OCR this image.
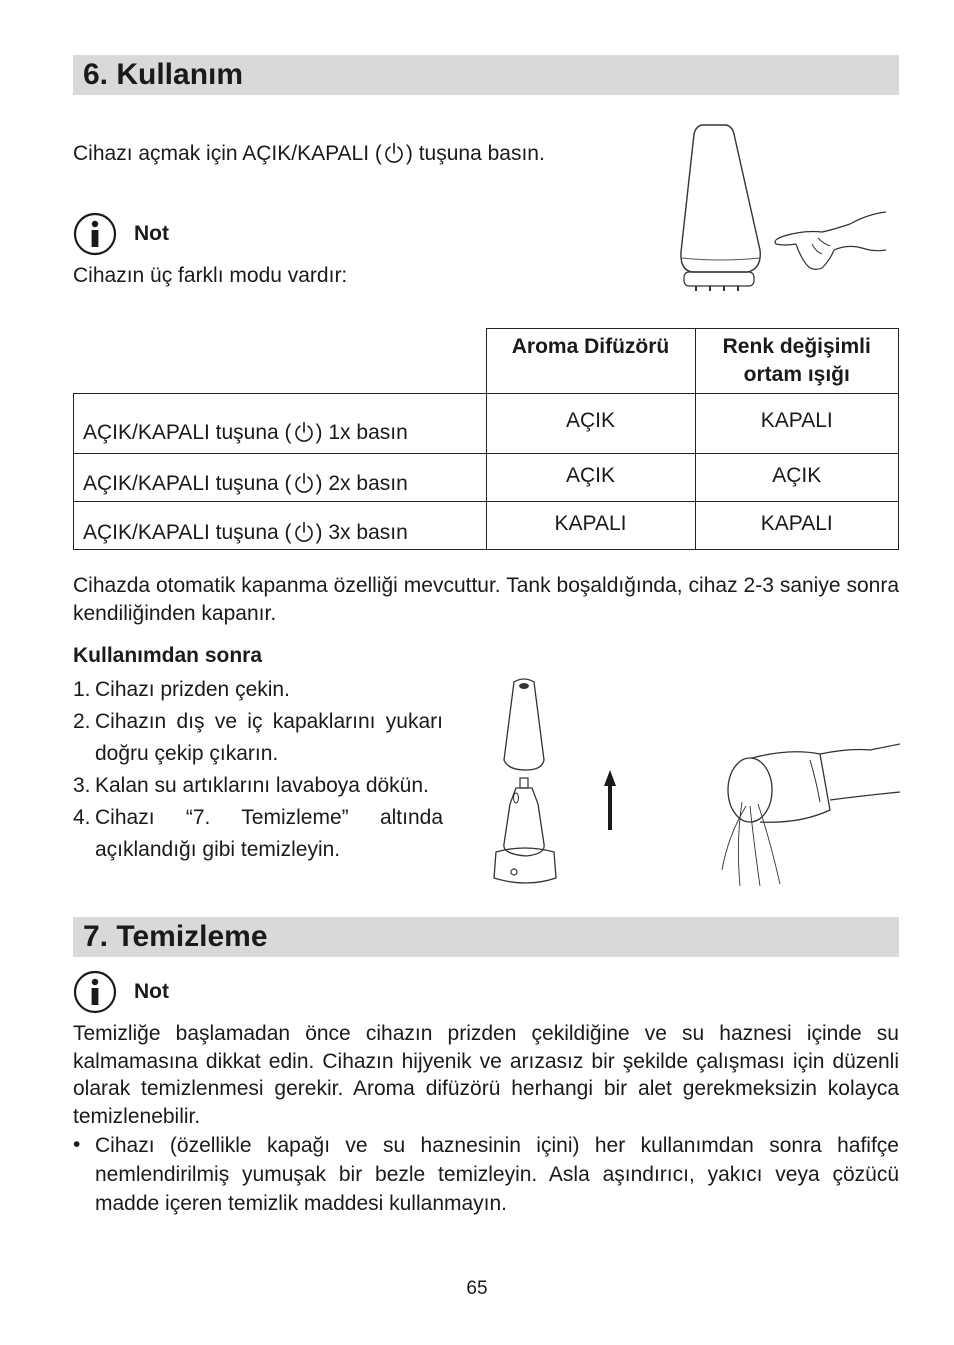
6. Kullanım
Cihazı açmak için AÇIK/KAPALI ( ) tuşuna basın.
Not
Cihazın üç farklı modu vardır:
	Aroma Difüzörü	Renk değişimli
ortam ışığı
AÇIK/KAPALI tuşuna ( ) 1x basın	AÇIK	KAPALI
AÇIK/KAPALI tuşuna ( ) 2x basın	AÇIK	AÇIK
AÇIK/KAPALI tuşuna ( ) 3x basın	KAPALI	KAPALI
Cihazda otomatik kapanma özelliği mevcuttur. Tank boşaldığında, cihaz 2-3 saniye sonra kendiliğinden kapanır.
Kullanımdan sonra
1. Cihazı prizden çekin.
2. Cihazın dış ve iç kapaklarını yukarı doğru çekip çıkarın.
3. Kalan su artıklarını lavaboya dökün.
4. Cihazı “7. Temizleme” altında açıklandığı gibi temizleyin.
7. Temizleme
Not
Temizliğe başlamadan önce cihazın prizden çekildiğine ve su haznesi içinde su kalmamasına dikkat edin. Cihazın hijyenik ve arızasız bir şekilde çalışması için düzenli olarak temizlenmesi gerekir. Aroma difüzörü herhangi bir alet gerekmeksizin kolayca temizlenebilir.
• Cihazı (özellikle kapağı ve su haznesinin içini) her kullanımdan sonra hafifçe nemlendirilmiş yumuşak bir bezle temizleyin. Asla aşındırıcı, yakıcı veya çözücü madde içeren temizlik maddesi kullanmayın.
65
